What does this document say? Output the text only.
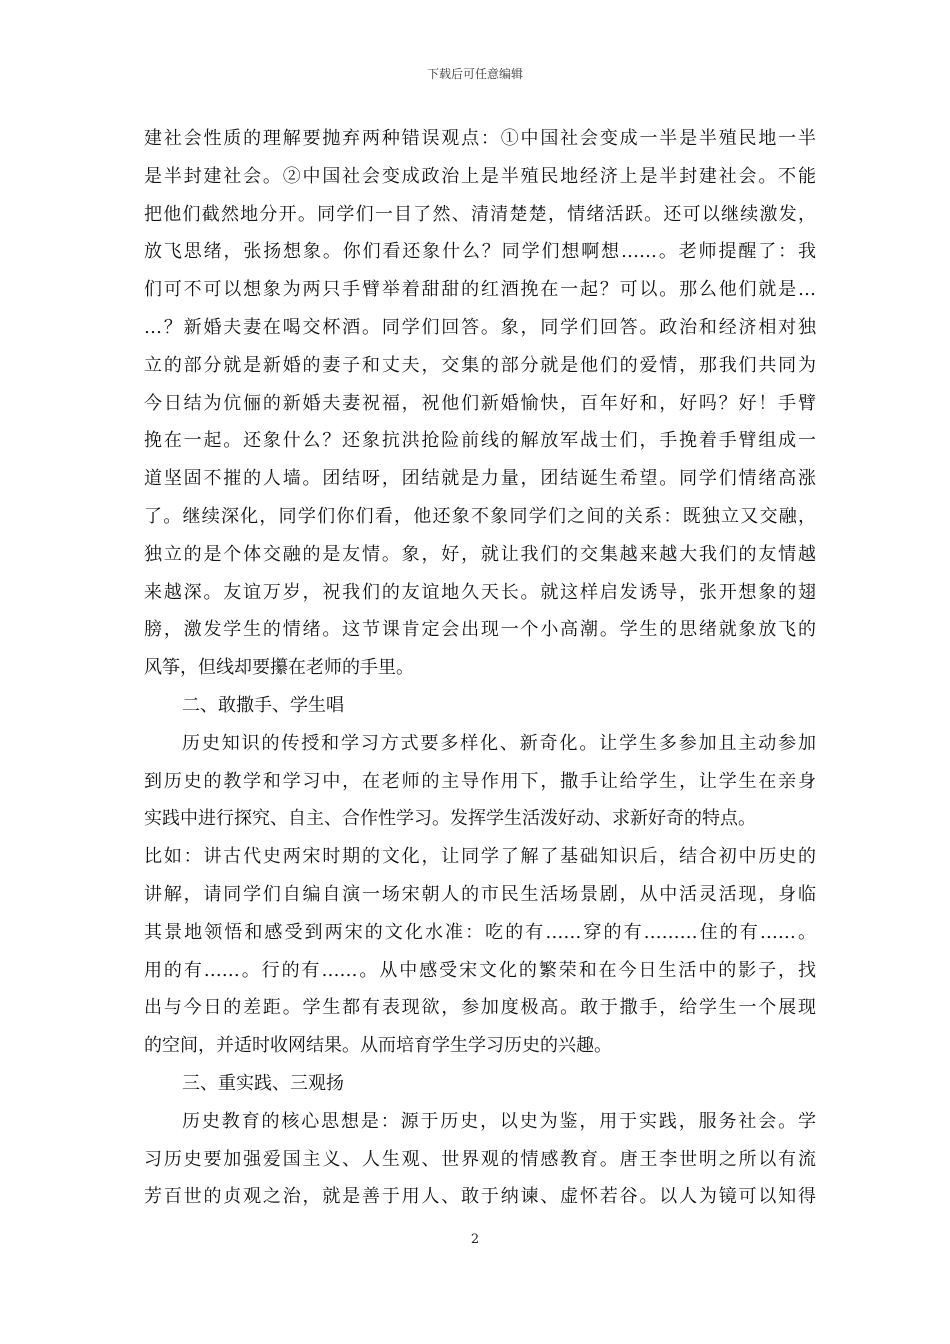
下载后可任意编辑
建社会性质的理解要抛弃两种错误观点：①中国社会变成一半是半殖民地一半
是半封建社会。②中国社会变成政治上是半殖民地经济上是半封建社会。不能
把他们截然地分开。同学们一目了然、清清楚楚，情绪活跃。还可以继续激发，
放飞思绪，张扬想象。你们看还象什么？同学们想啊想……。老师提醒了：我
们可不可以想象为两只手臂举着甜甜的红酒挽在一起？可以。那么他们就是…
…？新婚夫妻在喝交杯酒。同学们回答。象，同学们回答。政治和经济相对独
立的部分就是新婚的妻子和丈夫，交集的部分就是他们的爱情，那我们共同为
今日结为伉俪的新婚夫妻祝福，祝他们新婚愉快，百年好和，好吗？好！手臂
挽在一起。还象什么？还象抗洪抢险前线的解放军战士们，手挽着手臂组成一
道坚固不摧的人墙。团结呀，团结就是力量，团结诞生希望。同学们情绪高涨
了。继续深化，同学们你们看，他还象不象同学们之间的关系：既独立又交融，
独立的是个体交融的是友情。象，好，就让我们的交集越来越大我们的友情越
来越深。友谊万岁，祝我们的友谊地久天长。就这样启发诱导，张开想象的翅
膀，激发学生的情绪。这节课肯定会出现一个小高潮。学生的思绪就象放飞的
风筝，但线却要攥在老师的手里。
二、敢撒手、学生唱
历史知识的传授和学习方式要多样化、新奇化。让学生多参加且主动参加
到历史的教学和学习中，在老师的主导作用下，撒手让给学生，让学生在亲身
实践中进行探究、自主、合作性学习。发挥学生活泼好动、求新好奇的特点。
比如：讲古代史两宋时期的文化，让同学了解了基础知识后，结合初中历史的
讲解，请同学们自编自演一场宋朝人的市民生活场景剧，从中活灵活现，身临
其景地领悟和感受到两宋的文化水准：吃的有……穿的有………住的有……。
用的有……。行的有……。从中感受宋文化的繁荣和在今日生活中的影子，找
出与今日的差距。学生都有表现欲，参加度极高。敢于撒手，给学生一个展现
的空间，并适时收网结果。从而培育学生学习历史的兴趣。
三、重实践、三观扬
历史教育的核心思想是：源于历史，以史为鉴，用于实践，服务社会。学
习历史要加强爱国主义、人生观、世界观的情感教育。唐王李世明之所以有流
芳百世的贞观之治，就是善于用人、敢于纳谏、虚怀若谷。以人为镜可以知得
2
